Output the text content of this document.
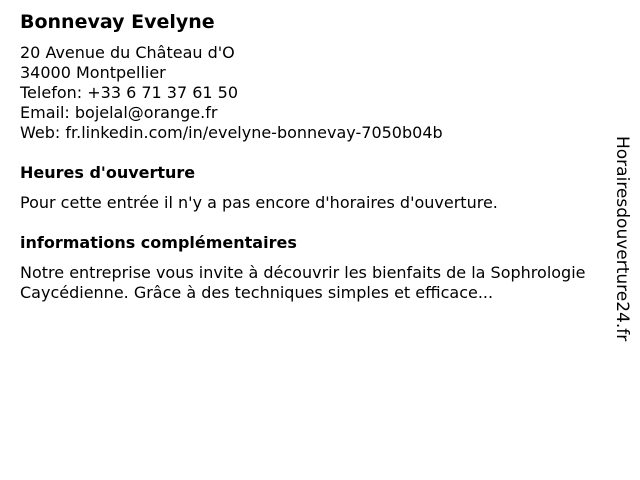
Bonnevay Evelyne
20 Avenue du Château d'O
34000 Montpellier
Telefon: +33 6 71 37 61 50
Email: bojelal@orange.fr
Web: fr.linkedin.com/in/evelyne-bonnevay-7050b04b
Heures d'ouverture
Pour cette entrée il n'y a pas encore d'horaires d'ouverture.
informations complémentaires
Notre entreprise vous invite à découvrir les bienfaits de la Sophrologie Caycédienne. Grâce à des techniques simples et efficace...	Horairesdouverture24.fr
